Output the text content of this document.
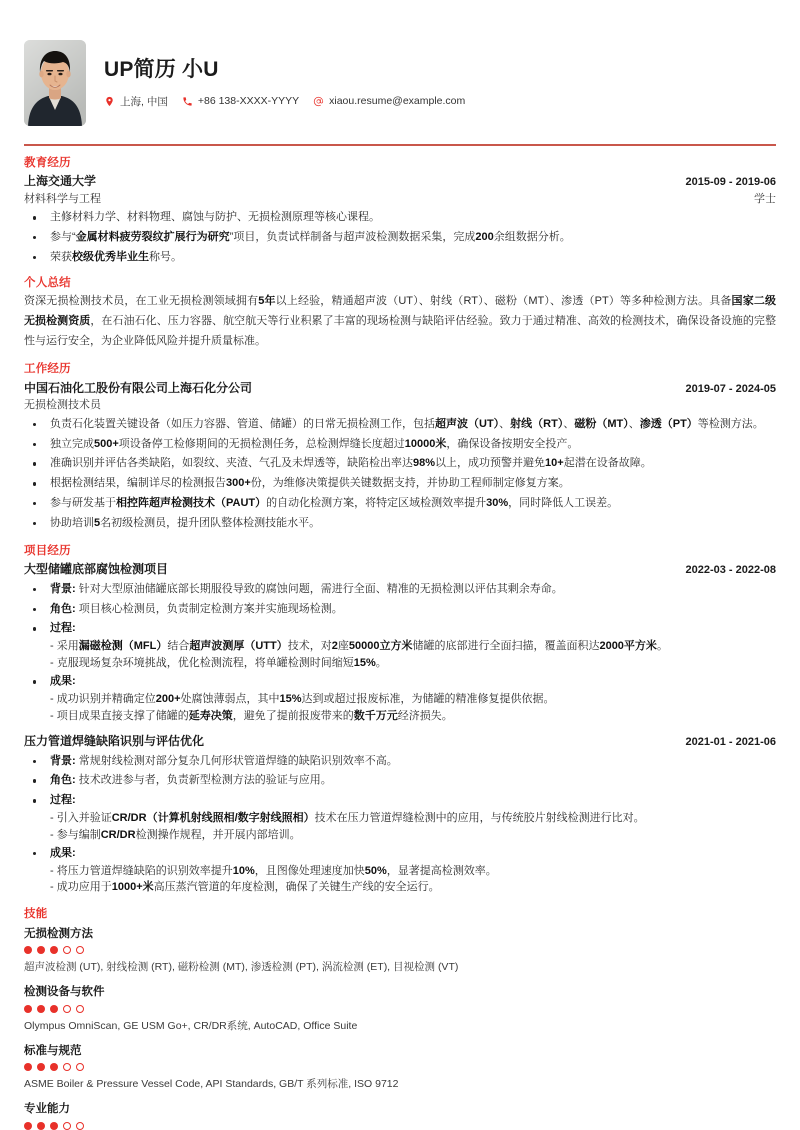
UP简历 小U
上海, 中国	+86 138-XXXX-YYYY	xiaou.resume@example.com
教育经历
上海交通大学	2015-09 - 2019-06
材料科学与工程	学士
主修材料力学、材料物理、腐蚀与防护、无损检测原理等核心课程。
参与“金属材料疲劳裂纹扩展行为研究”项目，负责试样制备与超声波检测数据采集，完成200余组数据分析。
荣获校级优秀毕业生称号。
个人总结
资深无损检测技术员，在工业无损检测领域拥有5年以上经验，精通超声波（UT）、射线（RT）、磁粉（MT）、渗透（PT）等多种检测方法。具备国家二级无损检测资质，在石油石化、压力容器、航空航天等行业积累了丰富的现场检测与缺陷评估经验。致力于通过精准、高效的检测技术，确保设备设施的完整性与运行安全，为企业降低风险并提升质量标准。
工作经历
中国石油化工股份有限公司上海石化分公司	2019-07 - 2024-05
无损检测技术员
负责石化装置关键设备（如压力容器、管道、储罐）的日常无损检测工作，包括超声波（UT）、射线（RT）、磁粉（MT）、渗透（PT）等检测方法。
独立完成500+项设备停工检修期间的无损检测任务，总检测焊缝长度超过10000米，确保设备按期安全投产。
准确识别并评估各类缺陷，如裂纹、夹渣、气孔及未焊透等，缺陷检出率达98%以上，成功预警并避免10+起潜在设备故障。
根据检测结果，编制详尽的检测报告300+份，为维修决策提供关键数据支持，并协助工程师制定修复方案。
参与研发基于相控阵超声检测技术（PAUT）的自动化检测方案，将特定区域检测效率提升30%，同时降低人工误差。
协助培训5名初级检测员，提升团队整体检测技能水平。
项目经历
大型储罐底部腐蚀检测项目	2022-03 - 2022-08
背景: 针对大型原油储罐底部长期服役导致的腐蚀问题，需进行全面、精准的无损检测以评估其剩余寿命。
角色: 项目核心检测员，负责制定检测方案并实施现场检测。
过程:
- 采用漏磁检测（MFL）结合超声波测厚（UTT）技术，对2座50000立方米储罐的底部进行全面扫描，覆盖面积达2000平方米。
- 克服现场复杂环境挑战，优化检测流程，将单罐检测时间缩短15%。
成果:
- 成功识别并精确定位200+处腐蚀薄弱点，其中15%达到或超过报废标准，为储罐的精准修复提供依据。
- 项目成果直接支撑了储罐的延寿决策，避免了提前报废带来的数千万元经济损失。
压力管道焊缝缺陷识别与评估优化	2021-01 - 2021-06
背景: 常规射线检测对部分复杂几何形状管道焊缝的缺陷识别效率不高。
角色: 技术改进参与者，负责新型检测方法的验证与应用。
过程:
- 引入并验证CR/DR（计算机射线照相/数字射线照相）技术在压力管道焊缝检测中的应用，与传统胶片射线检测进行比对。
- 参与编制CR/DR检测操作规程，并开展内部培训。
成果:
- 将压力管道焊缝缺陷的识别效率提升10%，且图像处理速度加快50%，显著提高检测效率。
- 成功应用于1000+米高压蒸汽管道的年度检测，确保了关键生产线的安全运行。
技能
无损检测方法
超声波检测 (UT), 射线检测 (RT), 磁粉检测 (MT), 渗透检测 (PT), 涡流检测 (ET), 目视检测 (VT)
检测设备与软件
Olympus OmniScan, GE USM Go+, CR/DR系统, AutoCAD, Office Suite
标准与规范
ASME Boiler & Pressure Vessel Code, API Standards, GB/T 系列标准, ISO 9712
专业能力
